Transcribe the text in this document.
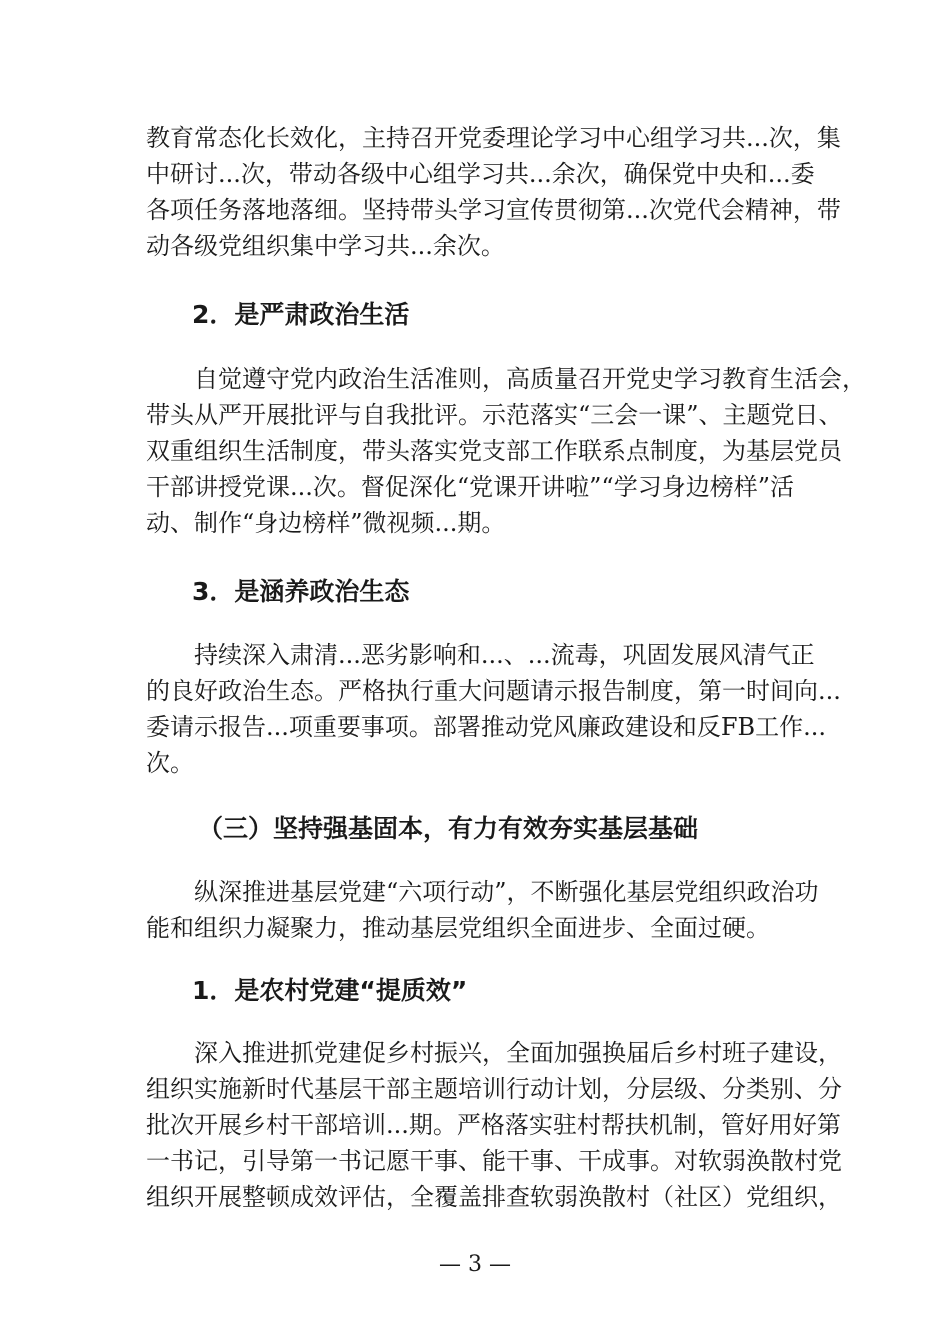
教育常态化长效化，主持召开党委理论学习中心组学习共...次，集
中研讨...次，带动各级中心组学习共...余次，确保党中央和...委
各项任务落地落细。坚持带头学习宣传贯彻第...次党代会精神，带
动各级党组织集中学习共...余次。
2．是严肃政治生活
　　自觉遵守党内政治生活准则，高质量召开党史学习教育生活会，
带头从严开展批评与自我批评。示范落实“三会一课”、主题党日、
双重组织生活制度，带头落实党支部工作联系点制度，为基层党员
干部讲授党课...次。督促深化“党课开讲啦”“学习身边榜样”活
动、制作“身边榜样”微视频...期。
3．是涵养政治生态
　　持续深入肃清...恶劣影响和...、...流毒，巩固发展风清气正
的良好政治生态。严格执行重大问题请示报告制度，第一时间向...
委请示报告...项重要事项。部署推动党风廉政建设和反FB工作...
次。
（三）坚持强基固本，有力有效夯实基层基础
　　纵深推进基层党建“六项行动”，不断强化基层党组织政治功
能和组织力凝聚力，推动基层党组织全面进步、全面过硬。
1．是农村党建“提质效”
　　深入推进抓党建促乡村振兴，全面加强换届后乡村班子建设，
组织实施新时代基层干部主题培训行动计划，分层级、分类别、分
批次开展乡村干部培训...期。严格落实驻村帮扶机制，管好用好第
一书记，引导第一书记愿干事、能干事、干成事。对软弱涣散村党
组织开展整顿成效评估，全覆盖排查软弱涣散村（社区）党组织，
— 3 —
